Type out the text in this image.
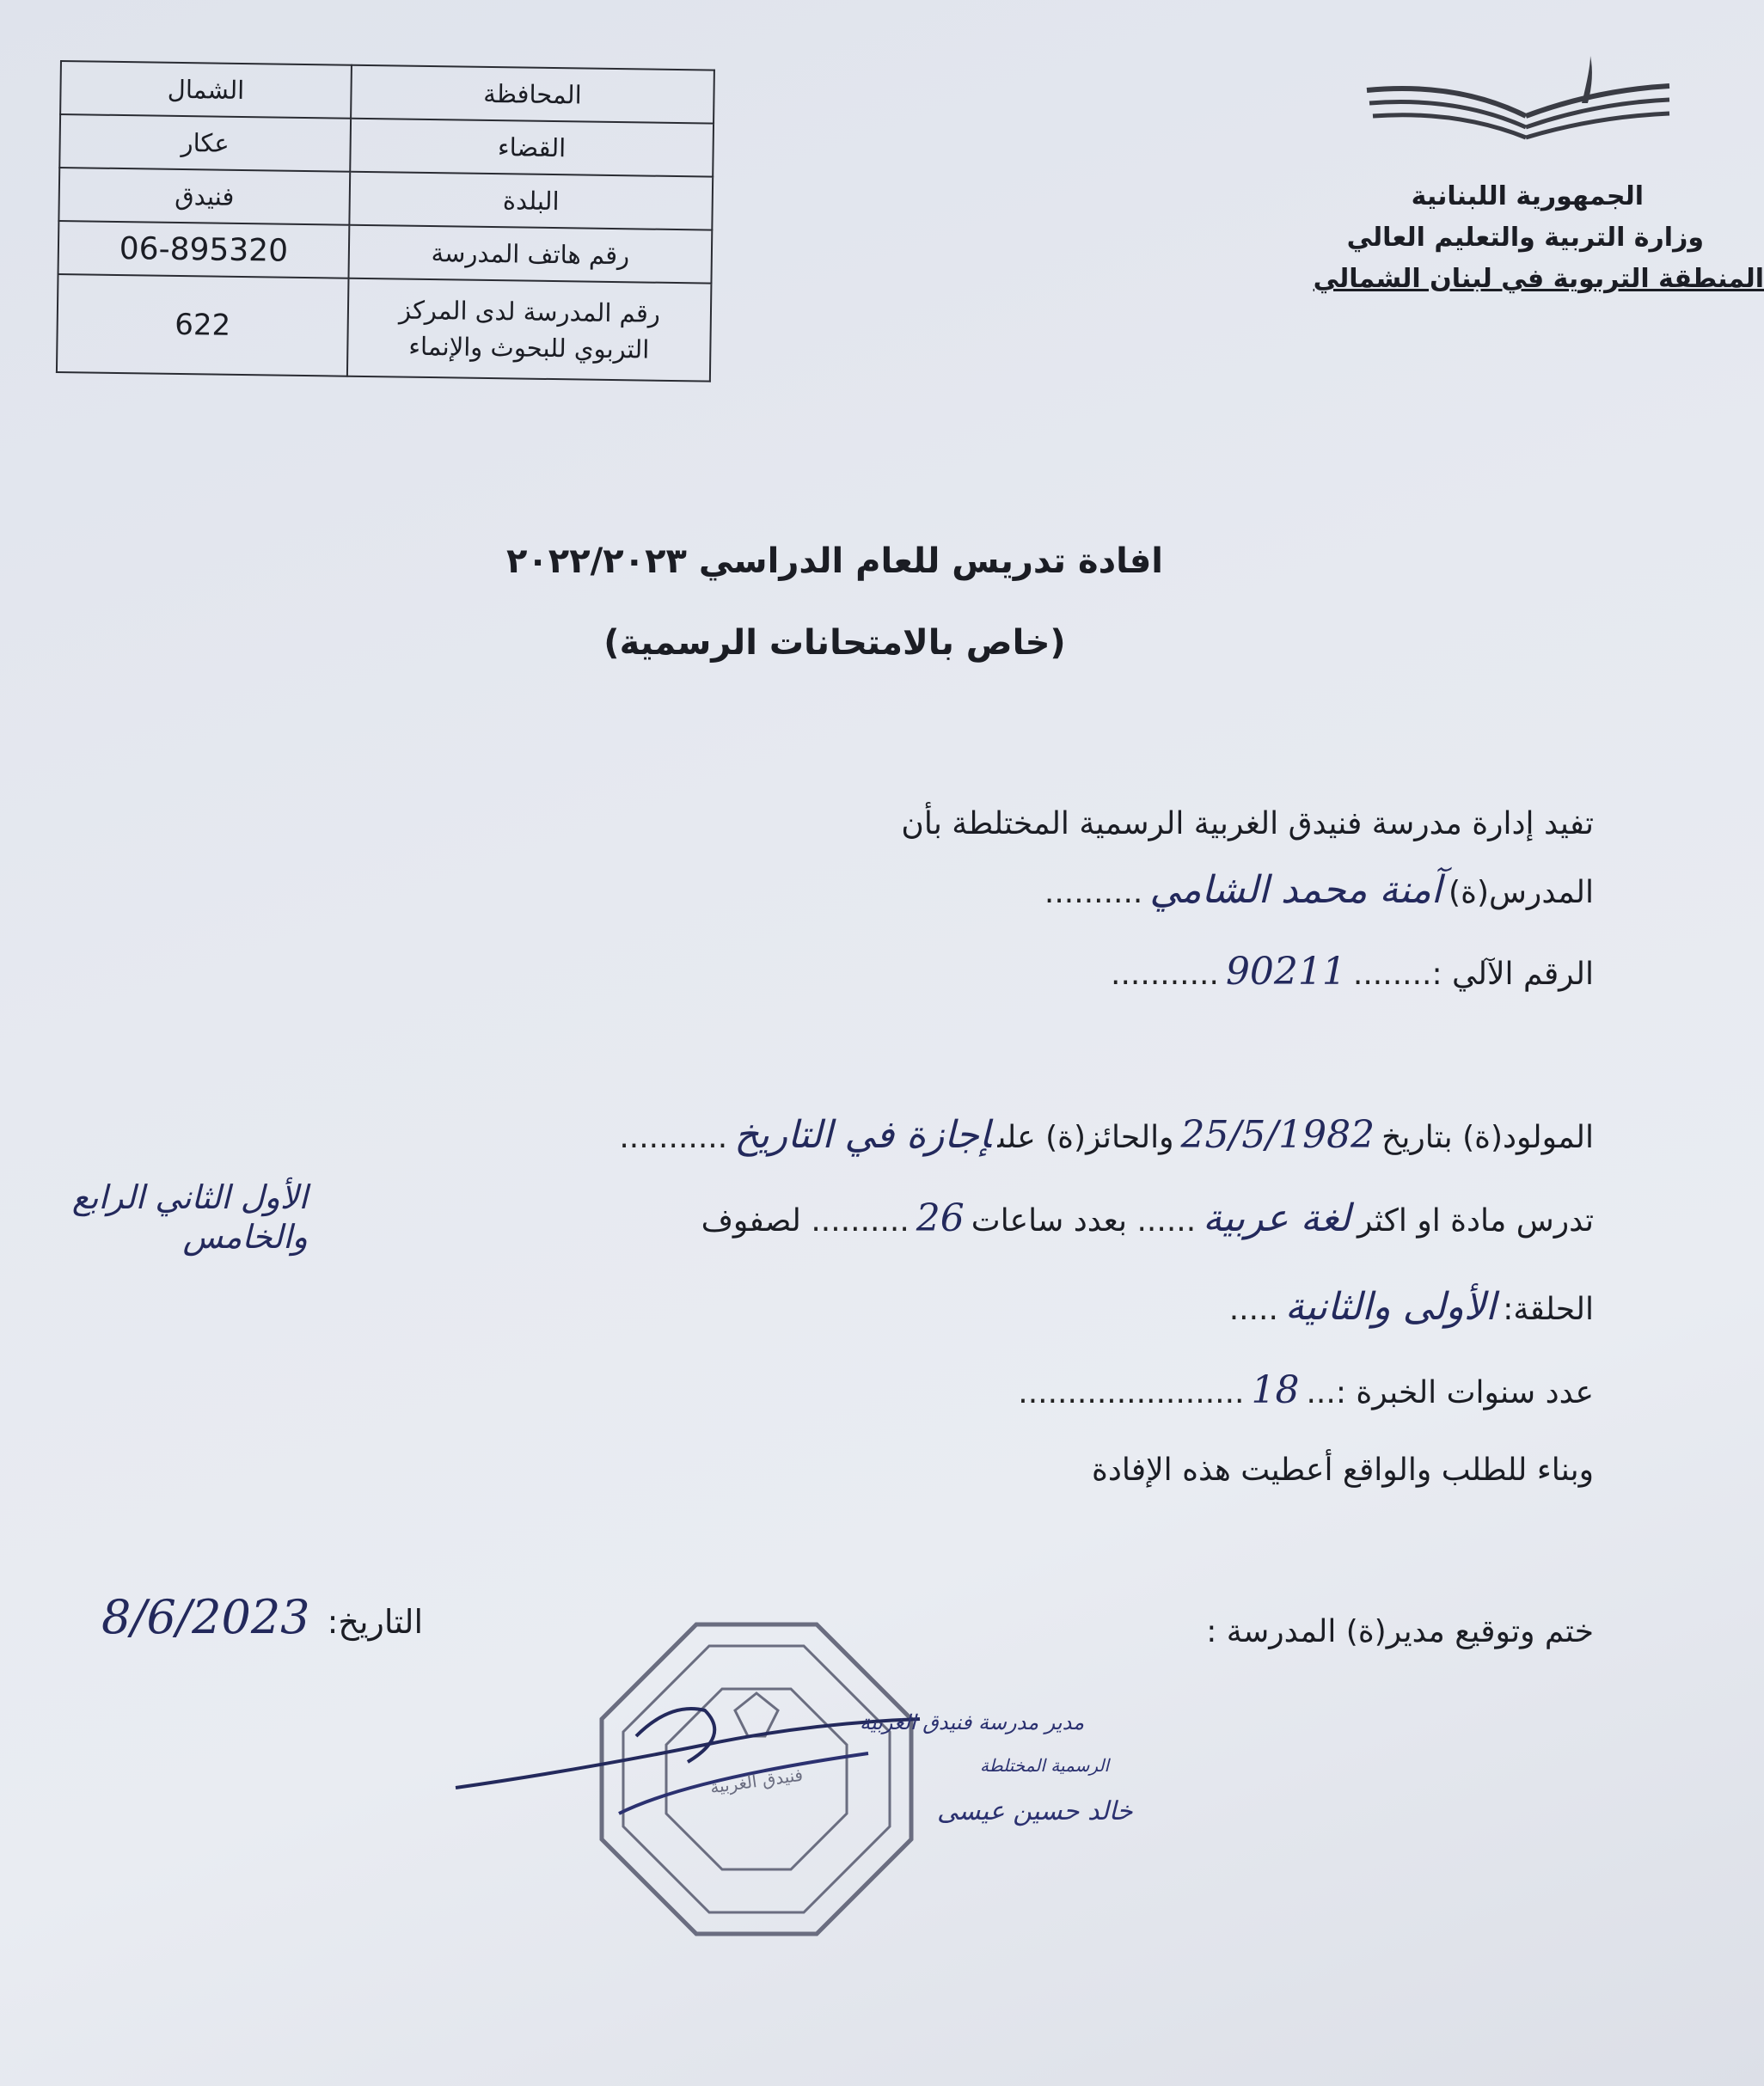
الشمال	المحافظة
عكار	القضاء
فنيدق	البلدة
06-895320	رقم هاتف المدرسة
622	رقم المدرسة لدى المركز التربوي للبحوث والإنماء
الجمهورية اللبنانية
وزارة التربية والتعليم العالي
المنطقة التربوية في لبنان الشمالي
افادة تدريس للعام الدراسي ٢٠٢٢/٢٠٢٣
(خاص بالامتحانات الرسمية)
تفيد إدارة مدرسة فنيدق الغربية الرسمية المختلطة بأن
المدرس(ة)آمنة محمد الشامي..........
الرقم الآلي :........90211...........
المولود(ة) بتاريخ25/5/1982والحائز(ة) علىإجازة في التاريخ...........
تدرس مادة او اكثرلغة عربية...... بعدد ساعات26.......... لصفوف
الأول الثاني الرابع والخامس
الحلقة:الأولى والثانية.....
عدد سنوات الخبرة :...18.......................
وبناء للطلب والواقع أعطيت هذه الإفادة
ختم وتوقيع مدير(ة) المدرسة :
التاريخ: 8/6/2023
فنيدق الغربية
مدير مدرسة فنيدق الغربية
الرسمية المختلطة
خالد حسين عيسى
